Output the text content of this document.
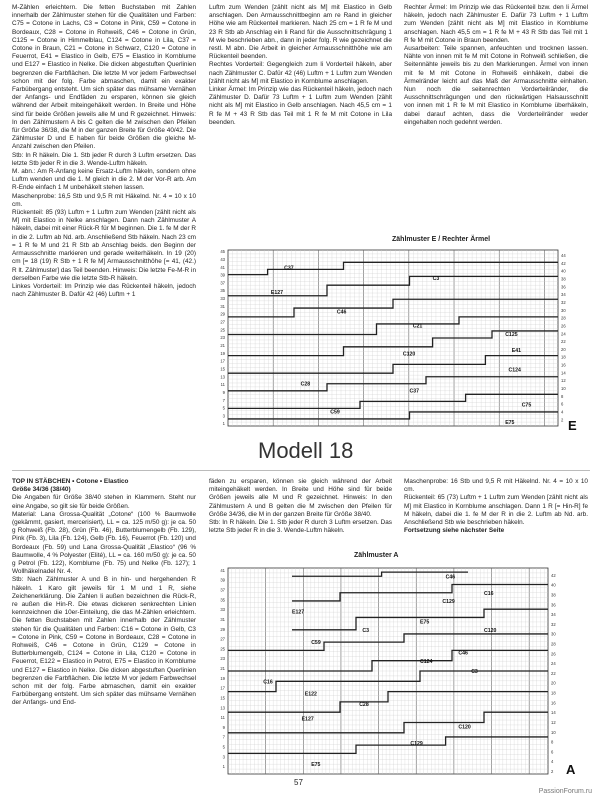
M-Zählen erleichtern. Die fetten Buchstaben mit Zahlen innerhalb der Zählmuster stehen für die Qualitäten und Farben: C75 = Cotone in Lachs, C3 = Cotone in Pink, C59 = Cotone in Bordeaux, C28 = Cotone in Rohweiß, C46 = Cotone in Grün, C125 = Cotone in Himmelblau, C124 = Cotone in Lila, C37 = Cotone in Braun, C21 = Cotone in Schwarz, C120 = Cotone in Feuerrot, E41 = Elastico in Gelb, E75 = Elastico in Kornblume und E127 = Elastico in Nelke. Die dicken abgestuften Querlinien begrenzen die Farbflächen. Die letzte M vor jedem Farbwechsel schon mit der folg. Farbe abmaschen, damit ein exakter Farbübergang entsteht. Um sich später das mühsame Vernähen der Anfangs- und Endfäden zu ersparen, können sie gleich während der Arbeit miteingehäkelt werden. In Breite und Höhe sind für beide Größen jeweils alle M und R gezeichnet. Hinweis: In den Zählmustern A bis C gelten die M zwischen den Pfeilen für Größe 36/38, die M in der ganzen Breite für Größe 40/42. Die Zählmuster D und E haben für beide Größen die gleiche M-Anzahl zwischen den Pfeilen.

Stb: In R häkeln. Die 1. Stb jeder R durch 3 Luftm ersetzen. Das letzte Stb jeder R in die 3. Wende-Luftm häkeln.

M. abn.: Am R-Anfang keine Ersatz-Luftm häkeln, sondern ohne Luftm wenden und die 1. M gleich in die 2. M der Vor-R arb. Am R-Ende einfach 1 M unbehäkelt stehen lassen.

Maschenprobe: 16,5 Stb und 9,5 R mit Häkelnd. Nr. 4 = 10 x 10 cm.

Rückenteil: 85 (93) Luftm + 1 Luftm zum Wenden [zählt nicht als M] mit Elastico in Nelke anschlagen. Dann nach Zählmuster A häkeln, dabei mit einer Rück-R für M beginnen. Die 1. fe M der R in die 2. Luftm ab Nd. arb. Anschließend Stb häkeln. Nach 23 cm = 1 R fe M und 21 R Stb ab Anschlag beids. den Beginn der Armausschnitte markieren und gerade weiterhäkeln. In 19 (20) cm [= 18 (19) R Stb + 1 R fe M] Armausschnitthöhe [= 41, (42.) R lt. Zählmuster] das Teil beenden. Hinweis: Die letzte Fe-M-R in derselben Farbe wie die letzte Stb-R häkeln.

Linkes Vorderteil: Im Prinzip wie das Rückenteil häkeln, jedoch nach Zählmuster B. Dafür 42 (46) Luftm + 1

Luftm zum Wenden [zählt nicht als M] mit Elastico in Gelb anschlagen. Den Armausschnittbeginn am re Rand in gleicher Höhe wie am Rückenteil markieren. Nach 25 cm = 1 R fe M und 23 R Stb ab Anschlag ein li Rand für die Ausschnittschrägung 1 M wie beschrieben abn., dann in jeder folg. R wie gezeichnet die restl. M abn. Die Arbeit in gleicher Armausschnitthöhe wie am Rückenteil beenden.

Rechtes Vorderteil: Gegengleich zum li Vorderteil häkeln, aber nach Zählmuster C. Dafür 42 (46) Luftm + 1 Luftm zum Wenden [zählt nicht als M] mit Elastico in Kornblume anschlagen.

Linker Ärmel: Im Prinzip wie das Rückenteil häkeln, jedoch nach Zählmuster D. Dafür 73 Luftm + 1 Luftm zum Wenden [zählt nicht als M] mit Elastico in Gelb anschlagen. Nach 45,5 cm = 1 R fe M + 43 R Stb das Teil mit 1 R fe M mit Cotone in Lila beenden.

Rechter Ärmel: Im Prinzip wie das Rückenteil bzw. den li Ärmel häkeln, jedoch nach Zählmuster E. Dafür 73 Luftm + 1 Luftm zum Wenden [zählt nicht als M] mit Elastico in Kornblume anschlagen. Nach 45,5 cm = 1 R fe M + 43 R Stb das Teil mit 1 R fe M mit Cotone in Braun beenden.

Ausarbeiten: Teile spannen, anfeuchten und trocknen lassen. Nähte von innen mit fe M mit Cotone in Rohweiß schließen, die Seitennähte jeweils bis zu den Markierungen. Ärmel von innen mit fe M mit Cotone in Rohweiß einhäkeln, dabei die Ärmelränder leicht auf das Maß der Armausschnitte einhalten. Nun noch die seitenrechten Vorderteilränder, die Ausschnittschrägungen und den rückwärtigen Halsausschnitt von innen mit 1 R fe M mit Elastico in Kornblume überhäkeln, dabei darauf achten, dass die Vorderteilränder weder eingehalten noch gedehnt werden.

Zählmuster E / Rechter Ärmel
45
43
41
39
37
35
33
31
29
27
25
23
21
19
17
15
13
11
9
7
5
3
1
44
42
40
38
36
34
32
30
28
26
24
22
20
18
16
14
12
10
8
6
4
2
C37
C3
E127
C46
C21
C125
E41
C120
C124
C28
C37
C75
C59
E75	E
Modell 18

TOP IN STÄBCHEN • Cotone • Elastico

Größe 34/36 (38/40)

Die Angaben für Größe 38/40 stehen in Klammern. Steht nur eine Angabe, so gilt sie für beide Größen.

Material: Lana Grossa-Qualität „Cotone“ (100 % Baumwolle (gekämmt, gasiert, mercerisiert), LL = ca. 125 m/50 g): je ca. 50 g Rohweiß (Fb. 28), Grün (Fb. 46), Butterblumengelb (Fb. 129), Pink (Fb. 3), Lila (Fb. 124), Gelb (Fb. 16), Feuerrot (Fb. 120) und Bordeaux (Fb. 59) und Lana Grossa-Qualität „Elastico“ (96 % Baumwolle, 4 % Polyester (Elité), LL = ca. 160 m/50 g): je ca. 50 g Petrol (Fb. 122), Kornblume (Fb. 75) und Nelke (Fb. 127); 1 Wollhäkelnadel Nr. 4.

Stb: Nach Zählmuster A und B in hin- und hergehenden R häkeln. 1 Karo gilt jeweils für 1 M und 1 R, siehe Zeichenerklärung. Die Zahlen li außen bezeichnen die Rück-R, re außen die Hin-R. Die etwas dickeren senkrechten Linien kennzeichnen die 10er-Einteilung, die das M-Zählen erleichtern. Die fetten Buchstaben mit Zahlen innerhalb der Zählmuster stehen für die Qualitäten und Farben: C16 = Cotone in Gelb, C3 = Cotone in Pink, C59 = Cotone in Bordeaux, C28 = Cotone in Rohweiß, C46 = Cotone in Grün, C129 = Cotone in Butterblumengelb, C124 = Cotone in Lila, C120 = Cotone in Feuerrot, E122 = Elastico in Petrol, E75 = Elastico in Kornblume und E127 = Elastico in Nelke. Die dicken abgestuften Querlinien begrenzen die Farbflächen. Die letzte M vor jedem Farbwechsel schon mit der folg. Farbe abmaschen, damit ein exakter Farbübergang entsteht. Um sich später das mühsame Vernähen der Anfangs- und End-

fäden zu ersparen, können sie gleich während der Arbeit miteingehäkelt werden. In Breite und Höhe sind für beide Größen jeweils alle M und R gezeichnet. Hinweis: In den Zählmustern A und B gelten die M zwischen den Pfeilen für Größe 34/36, die M in der ganzen Breite für Größe 38/40.

Stb: In R häkeln. Die 1. Stb jeder R durch 3 Luftm ersetzen. Das letzte Stb jeder R in die 3. Wende-Luftm häkeln.

Maschenprobe: 16 Stb und 9,5 R mit Häkelnd. Nr. 4 = 10 x 10 cm.

Rückenteil: 65 (73) Luftm + 1 Luftm zum Wenden [zählt nicht als M] mit Elastico in Kornblume anschlagen. Dann 1 R [= Hin-R] fe M häkeln, dabei die 1. fe M der R in die 2. Luftm ab Nd. arb. Anschließend Stb wie beschrieben häkeln.

Fortsetzung siehe nächster Seite

Zählmuster A
41
39
37
35
33
31
29
27
25
23
21
19
17
15
13
11
9
7
5
3
1
42
40
38
36
34
32
30
28
26
24
22
20
18
16
14
12
10
8
6
4
2
C46
C16
C129
E127
E75
C120
C3
C59
C46
C124
C3
C16
E122
C28
E127
C120
C129
E75	A
57
PassionForum.ru
